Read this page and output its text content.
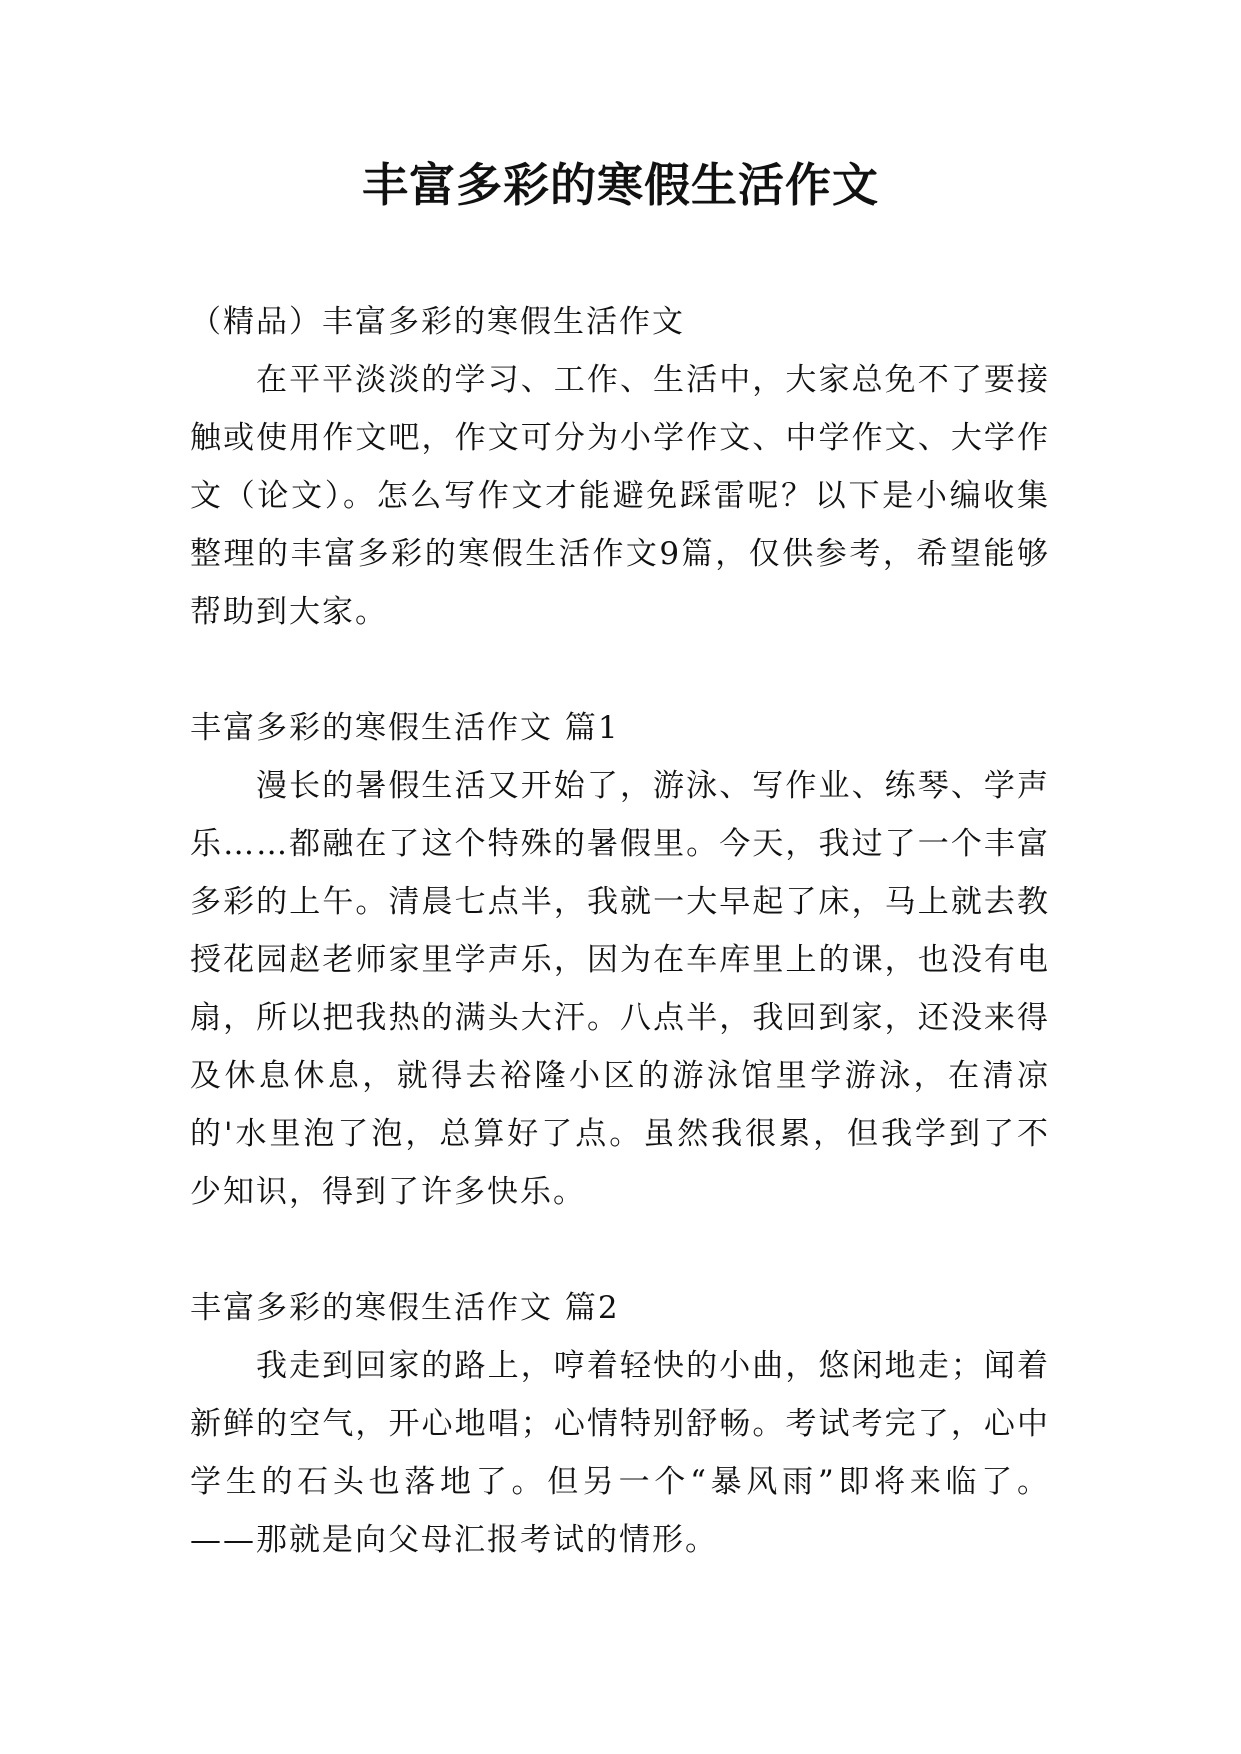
丰富多彩的寒假生活作文

（精品）丰富多彩的寒假生活作文

在平平淡淡的学习、工作、生活中，大家总免不了要接触或使用作文吧，作文可分为小学作文、中学作文、大学作文（论文）。怎么写作文才能避免踩雷呢？以下是小编收集整理的丰富多彩的寒假生活作文9篇，仅供参考，希望能够帮助到大家。

丰富多彩的寒假生活作文 篇1

漫长的暑假生活又开始了，游泳、写作业、练琴、学声乐……都融在了这个特殊的暑假里。今天，我过了一个丰富多彩的上午。清晨七点半，我就一大早起了床，马上就去教授花园赵老师家里学声乐，因为在车库里上的课，也没有电扇，所以把我热的满头大汗。八点半，我回到家，还没来得及休息休息，就得去裕隆小区的游泳馆里学游泳，在清凉的'水里泡了泡，总算好了点。虽然我很累，但我学到了不少知识，得到了许多快乐。

丰富多彩的寒假生活作文 篇2

我走到回家的路上，哼着轻快的小曲，悠闲地走；闻着新鲜的空气，开心地唱；心情特别舒畅。考试考完了，心中学生的石头也落地了。但另一个“暴风雨”即将来临了。——那就是向父母汇报考试的情形。
